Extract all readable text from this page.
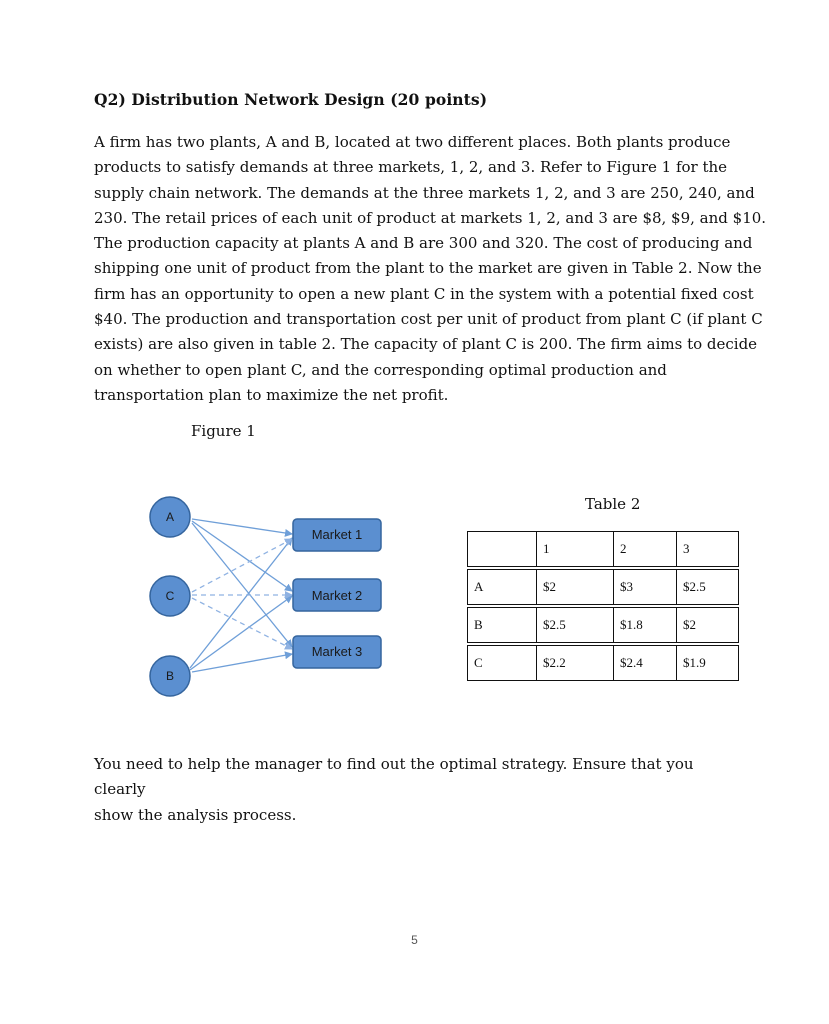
Q2) Distribution Network Design (20 points)
A firm has two plants, A and B, located at two different places. Both plants produce
products to satisfy demands at three markets, 1, 2, and 3. Refer to Figure 1 for the
supply chain network. The demands at the three markets 1, 2, and 3 are 250, 240, and
230. The retail prices of each unit of product at markets 1, 2, and 3 are $8, $9, and $10.
The production capacity at plants A and B are 300 and 320. The cost of producing and
shipping one unit of product from the plant to the market are given in Table 2. Now the
firm has an opportunity to open a new plant C in the system with a potential fixed cost
$40. The production and transportation cost per unit of product from plant C (if plant C
exists) are also given in table 2. The capacity of plant C is 200. The firm aims to decide
on whether to open plant C, and the corresponding optimal production and
transportation plan to maximize the net profit.
Figure 1
A
C
B
Market 1
Market 2
Market 3
Table 2
	1	2	3

A	$2	$3	$2.5

B	$2.5	$1.8	$2

C	$2.2	$2.4	$1.9
You need to help the manager to find out the optimal strategy. Ensure that you clearly
show the analysis process.
5
